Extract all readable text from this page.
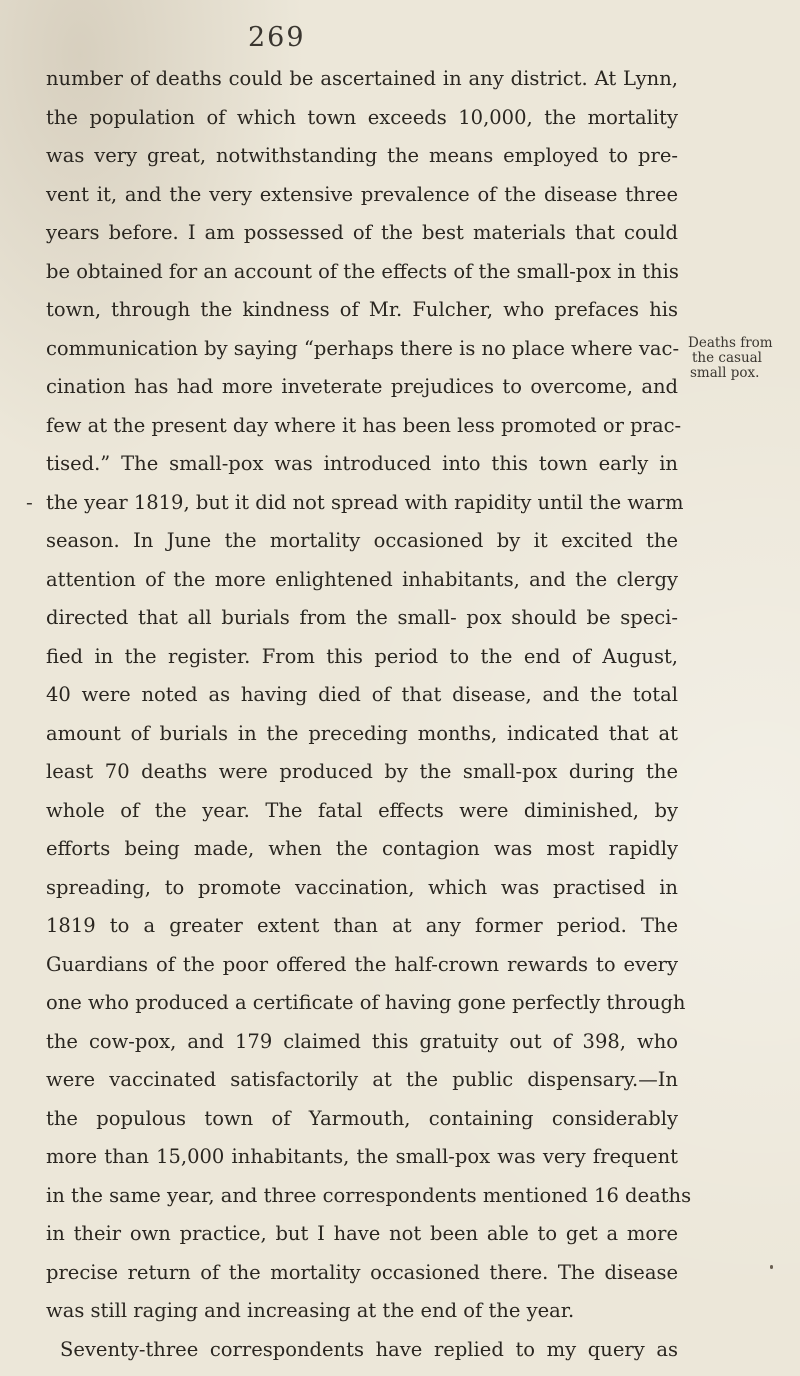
269
-
number of deaths could be ascertained in any district. At Lynn,
the population of which town exceeds 10,000, the mortality
was very great, notwithstanding the means employed to pre-
vent it, and the very extensive prevalence of the disease three
years before. I am possessed of the best materials that could
be obtained for an account of the effects of the small-pox in this
town, through the kindness of Mr. Fulcher, who prefaces his
communication by saying “perhaps there is no place where vac-
cination has had more inveterate prejudices to overcome, and
few at the present day where it has been less promoted or prac-
tised.” The small-pox was introduced into this town early in
the year 1819, but it did not spread with rapidity until the warm
season. In June the mortality occasioned by it excited the
attention of the more enlightened inhabitants, and the clergy
directed that all burials from the small- pox should be speci-
fied in the register. From this period to the end of August,
40 were noted as having died of that disease, and the total
amount of burials in the preceding months, indicated that at
least 70 deaths were produced by the small-pox during the
whole of the year. The fatal effects were diminished, by
efforts being made, when the contagion was most rapidly
spreading, to promote vaccination, which was practised in
1819 to a greater extent than at any former period. The
Guardians of the poor offered the half-crown rewards to every
one who produced a certificate of having gone perfectly through
the cow-pox, and 179 claimed this gratuity out of 398, who
were vaccinated satisfactorily at the public dispensary.—In
the populous town of Yarmouth, containing considerably
more than 15,000 inhabitants, the small-pox was very frequent
in the same year, and three correspondents mentioned 16 deaths
in their own practice, but I have not been able to get a more
precise return of the mortality occasioned there. The disease
was still raging and increasing at the end of the year.
Seventy-three correspondents have replied to my query as
Deaths from
the casual
small pox.
